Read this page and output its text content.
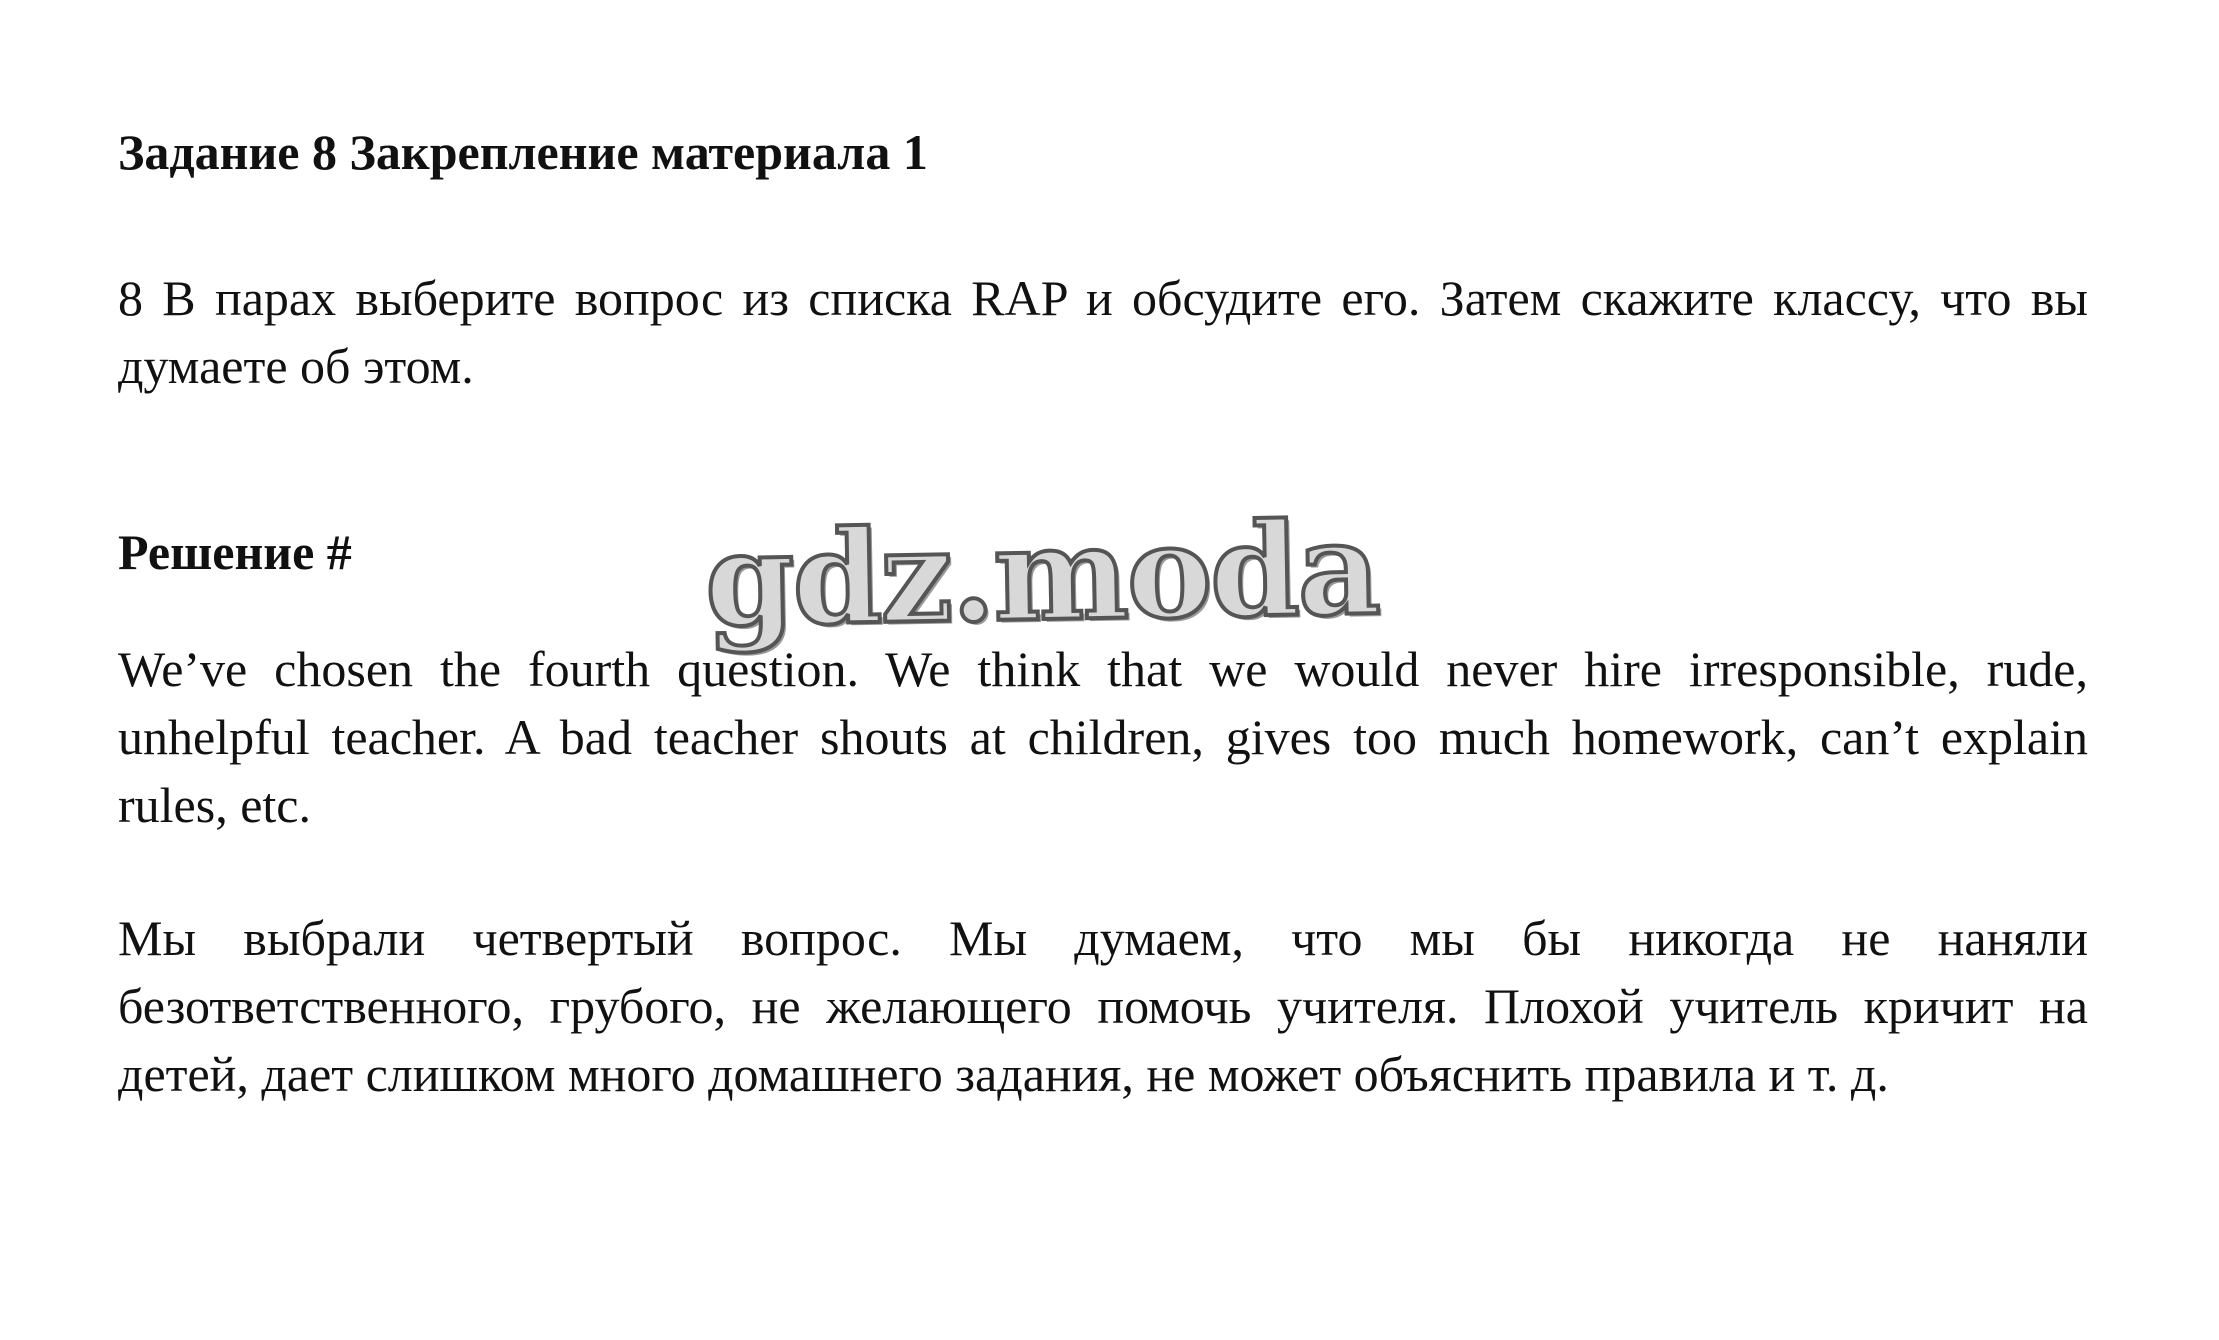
Задание 8 Закрепление материала 1
8 В парах выберите вопрос из списка RAP и обсудите его. Затем скажите классу, что вы думаете об этом.
Решение #
We’ve chosen the fourth question. We think that we would never hire irresponsible, rude, unhelpful teacher. A bad teacher shouts at children, gives too much homework, can’t explain rules, etc.
Мы выбрали четвертый вопрос. Мы думаем, что мы бы никогда не наняли безответственного, грубого, не желающего помочь учителя. Плохой учитель кричит на детей, дает слишком много домашнего задания, не может объяснить правила и т. д.
gdz.moda
